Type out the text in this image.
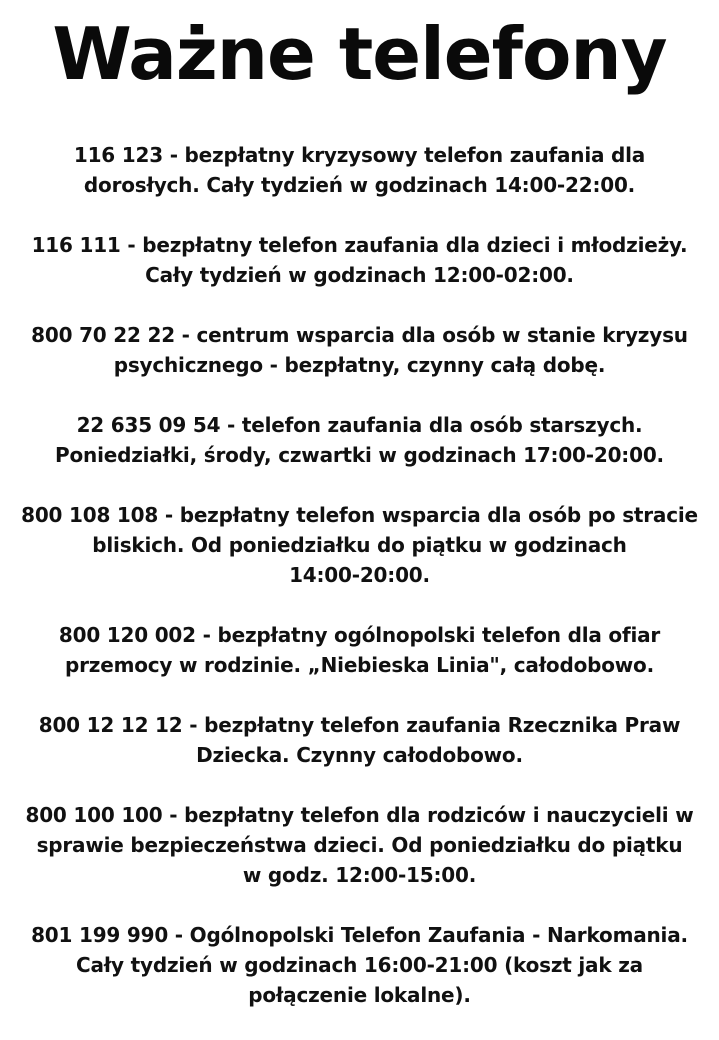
Ważne telefony
116 123 - bezpłatny kryzysowy telefon zaufania dla
dorosłych. Cały tydzień w godzinach 14:00-22:00.
116 111 - bezpłatny telefon zaufania dla dzieci i młodzieży.
Cały tydzień w godzinach 12:00-02:00.
800 70 22 22 - centrum wsparcia dla osób w stanie kryzysu
psychicznego - bezpłatny, czynny całą dobę.
22 635 09 54 - telefon zaufania dla osób starszych.
Poniedziałki, środy, czwartki w godzinach 17:00-20:00.
800 108 108 - bezpłatny telefon wsparcia dla osób po stracie
bliskich. Od poniedziałku do piątku w godzinach
14:00-20:00.
800 120 002 - bezpłatny ogólnopolski telefon dla ofiar
przemocy w rodzinie. „Niebieska Linia", całodobowo.
800 12 12 12 - bezpłatny telefon zaufania Rzecznika Praw
Dziecka. Czynny całodobowo.
800 100 100 - bezpłatny telefon dla rodziców i nauczycieli w
sprawie bezpieczeństwa dzieci. Od poniedziałku do piątku
w godz. 12:00-15:00.
801 199 990 - Ogólnopolski Telefon Zaufania - Narkomania.
Cały tydzień w godzinach 16:00-21:00 (koszt jak za
połączenie lokalne).
